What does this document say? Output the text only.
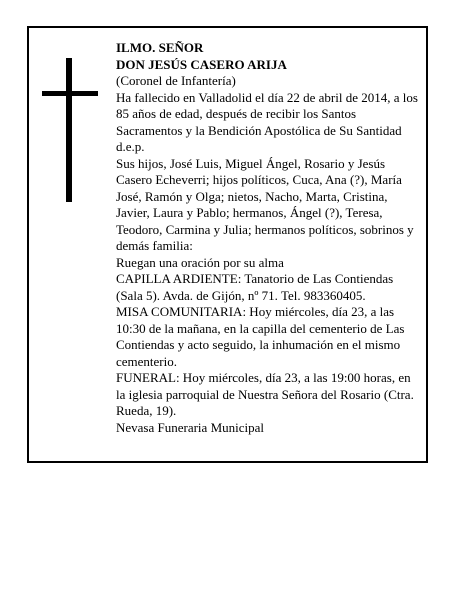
ILMO. SEÑOR

DON JESÚS CASERO ARIJA

(Coronel de Infantería)

Ha fallecido en Valladolid el día 22 de abril de 2014, a los 85 años de edad, después de recibir los Santos Sacramentos y la Bendición Apostólica de Su Santidad

d.e.p.

Sus hijos, José Luis, Miguel Ángel, Rosario y Jesús Casero Echeverri; hijos políticos, Cuca, Ana (?), María José, Ramón y Olga; nietos, Nacho, Marta, Cristina, Javier, Laura y Pablo; hermanos, Ángel (?), Teresa, Teodoro, Carmina y Julia; hermanos políticos, sobrinos y demás familia:

Ruegan una oración por su alma

CAPILLA ARDIENTE: Tanatorio de Las Contiendas (Sala 5). Avda. de Gijón, nº 71. Tel. 983360405.

MISA COMUNITARIA: Hoy miércoles, día 23, a las 10:30 de la mañana, en la capilla del cementerio de Las Contiendas y acto seguido, la inhumación en el mismo cementerio.

FUNERAL: Hoy miércoles, día 23, a las 19:00 horas, en la iglesia parroquial de Nuestra Señora del Rosario (Ctra. Rueda, 19).

Nevasa Funeraria Municipal
